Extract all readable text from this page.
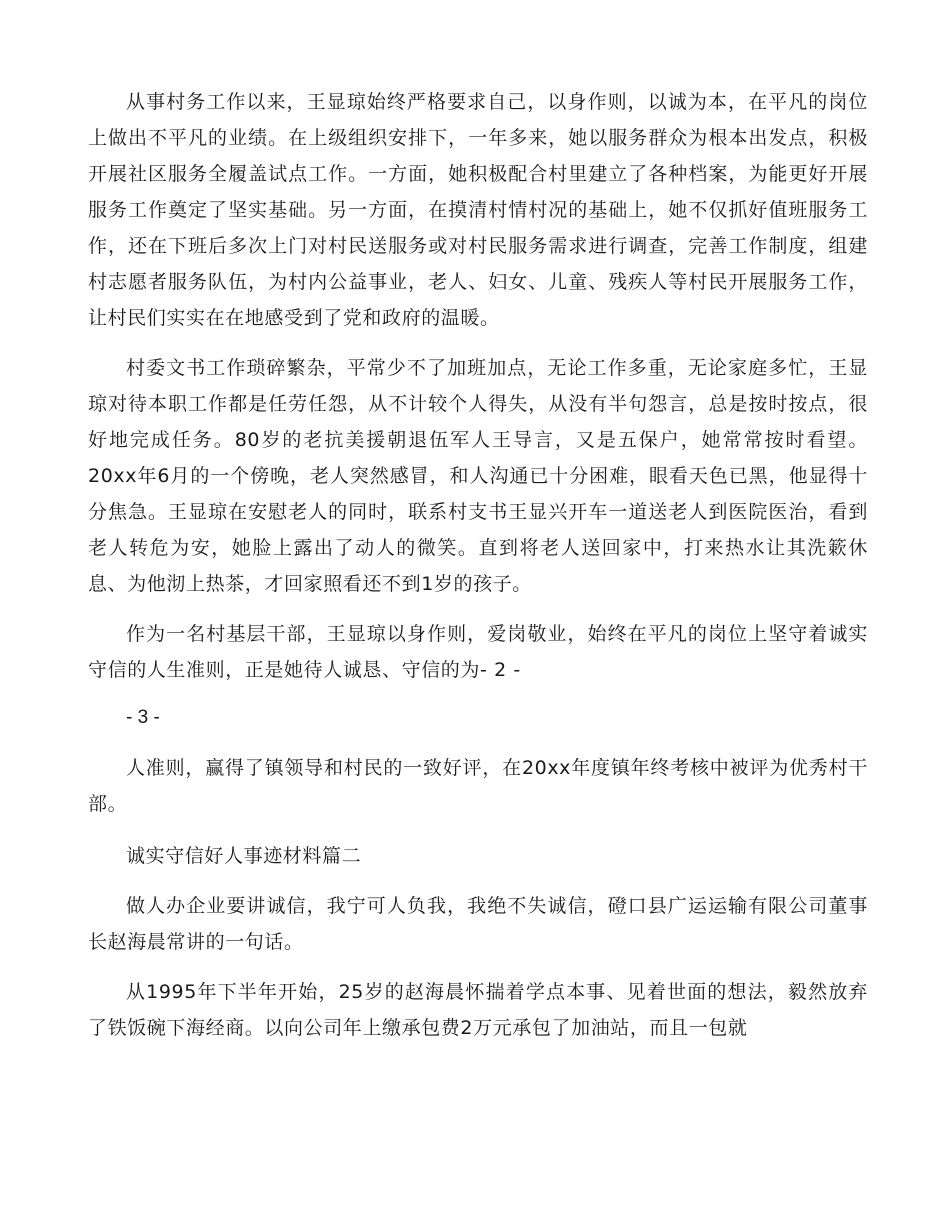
从事村务工作以来，王显琼始终严格要求自己，以身作则，以诚为本，在平凡的岗位上做出不平凡的业绩。在上级组织安排下，一年多来，她以服务群众为根本出发点，积极开展社区服务全履盖试点工作。一方面，她积极配合村里建立了各种档案，为能更好开展服务工作奠定了坚实基础。另一方面，在摸清村情村况的基础上，她不仅抓好值班服务工作，还在下班后多次上门对村民送服务或对村民服务需求进行调查，完善工作制度，组建村志愿者服务队伍，为村内公益事业，老人、妇女、儿童、残疾人等村民开展服务工作，让村民们实实在在地感受到了党和政府的温暖。

村委文书工作琐碎繁杂，平常少不了加班加点，无论工作多重，无论家庭多忙，王显琼对待本职工作都是任劳任怨，从不计较个人得失，从没有半句怨言，总是按时按点，很好地完成任务。80岁的老抗美援朝退伍军人王导言，又是五保户，她常常按时看望。20xx年6月的一个傍晚，老人突然感冒，和人沟通已十分困难，眼看天色已黑，他显得十分焦急。王显琼在安慰老人的同时，联系村支书王显兴开车一道送老人到医院医治，看到老人转危为安，她脸上露出了动人的微笑。直到将老人送回家中，打来热水让其洗簌休息、为他沏上热茶，才回家照看还不到1岁的孩子。

作为一名村基层干部，王显琼以身作则，爱岗敬业，始终在平凡的岗位上坚守着诚实守信的人生准则，正是她待人诚恳、守信的为- 2 -

- 3 -

人准则，赢得了镇领导和村民的一致好评，在20xx年度镇年终考核中被评为优秀村干部。

诚实守信好人事迹材料篇二

做人办企业要讲诚信，我宁可人负我，我绝不失诚信，磴口县广运运输有限公司董事长赵海晨常讲的一句话。

从1995年下半年开始，25岁的赵海晨怀揣着学点本事、见着世面的想法，毅然放弃了铁饭碗下海经商。以向公司年上缴承包费2万元承包了加油站，而且一包就
